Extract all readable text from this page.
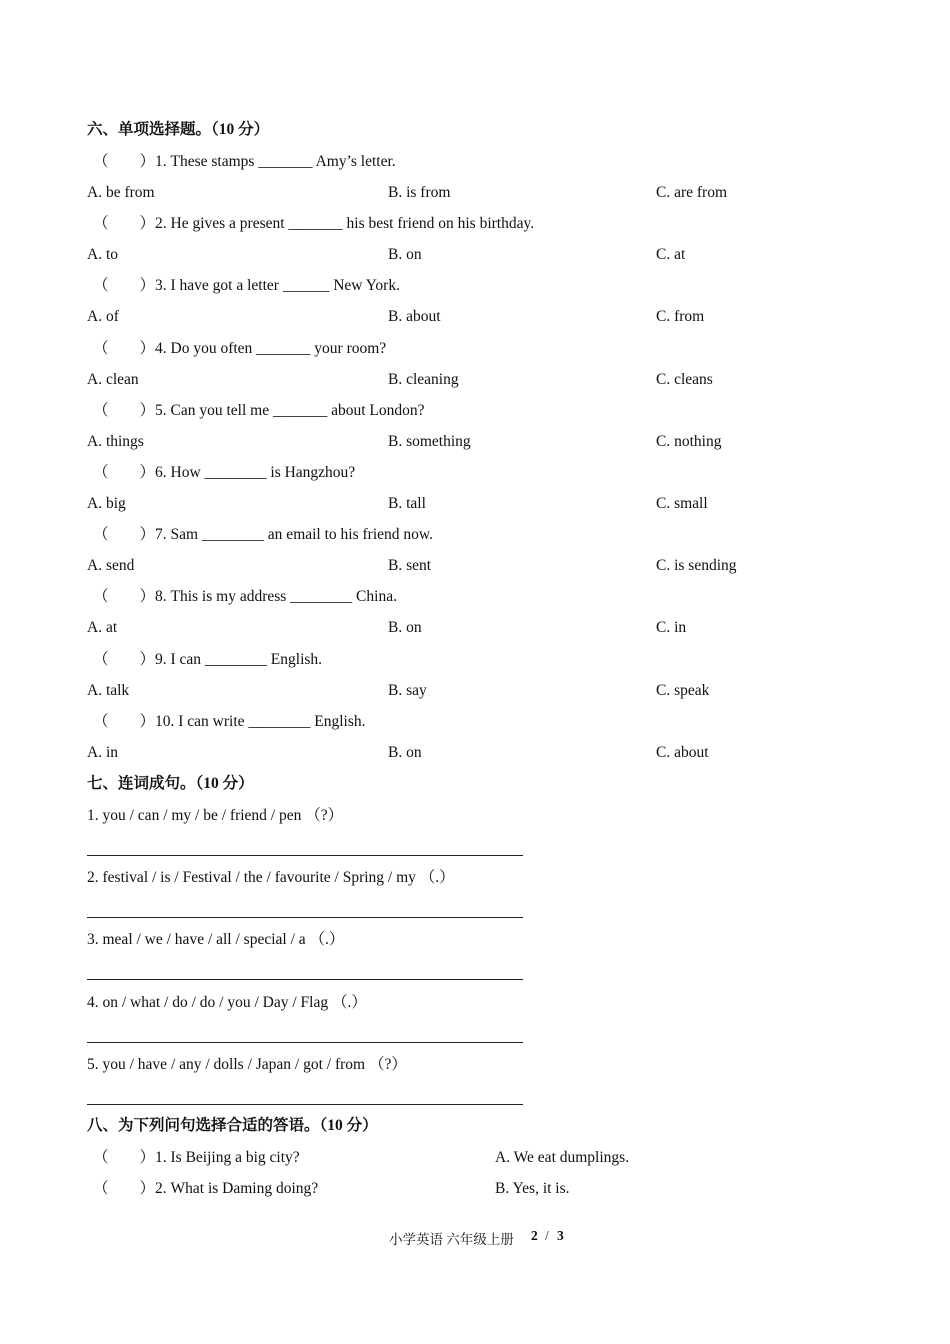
六、单项选择题。（10 分）
（　　）1. These stamps _______ Amy’s letter.
A. be from	B. is from	C. are from
（　　）2. He gives a present _______ his best friend on his birthday.
A. to	B. on	C. at
（　　）3. I have got a letter ______ New York.
A. of	B. about	C. from
（　　）4. Do you often _______ your room?
A. clean	B. cleaning	C. cleans
（　　）5. Can you tell me _______ about London?
A. things	B. something	C. nothing
（　　）6. How ________ is Hangzhou?
A. big	B. tall	C. small
（　　）7. Sam ________ an email to his friend now.
A. send	B. sent	C. is sending
（　　）8. This is my address ________ China.
A. at	B. on	C. in
（　　）9. I can ________ English.
A. talk	B. say	C. speak
（　　）10. I can write ________ English.
A. in	B. on	C. about
七、连词成句。（10 分）
1. you / can / my / be / friend / pen （?）
2. festival / is / Festival / the / favourite / Spring / my （.）
3. meal / we / have / all / special / a （.）
4. on / what / do / do / you / Day / Flag （.）
5. you / have / any / dolls / Japan / got / from （?）
八、为下列问句选择合适的答语。（10 分）
（　　）1. Is Beijing a big city?	A. We eat dumplings.
（　　）2. What is Daming doing?	B. Yes, it is.
小学英语 六年级上册 2 / 3
